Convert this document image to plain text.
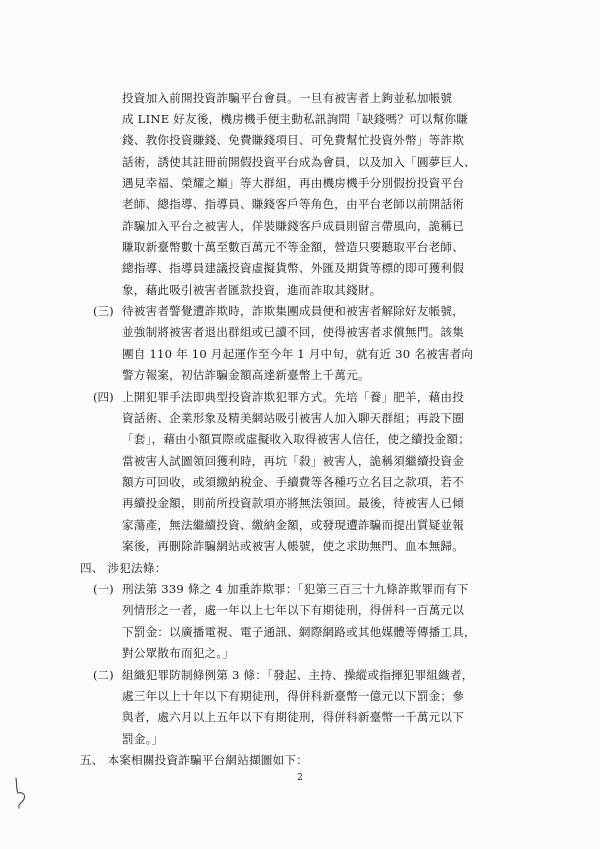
投資加入前開投資詐騙平台會員。一旦有被害者上鉤並私加帳號
成 LINE 好友後，機房機手便主動私訊詢問「缺錢嗎？可以幫你賺
錢、教你投資賺錢、免費賺錢項目、可免費幫忙投資外幣」等詐欺
話術，誘使其註冊前開假投資平台成為會員，以及加入「圓夢巨人、
遇見幸福、榮耀之巔」等大群組，再由機房機手分別假扮投資平台
老師、總指導、指導員、賺錢客戶等角色，由平台老師以前開話術
詐騙加入平台之被害人，佯裝賺錢客戶成員則留言帶風向，詭稱已
賺取新臺幣數十萬至數百萬元不等金額，營造只要聽取平台老師、
總指導、指導員建議投資虛擬貨幣、外匯及期貨等標的即可獲利假
象，藉此吸引被害者匯款投資，進而詐取其錢財。
(三) 待被害者警覺遭詐欺時，詐欺集團成員便和被害者解除好友帳號，
並強制將被害者退出群組或已讀不回，使得被害者求償無門。該集
團自 110 年 10 月起運作至今年 1 月中旬，就有近 30 名被害者向
警方報案，初估詐騙金額高達新臺幣上千萬元。
(四) 上開犯罪手法即典型投資詐欺犯罪方式。先培「養」肥羊，藉由投
資話術、企業形象及精美網站吸引被害人加入聊天群組；再設下圈
「套」，藉由小額買際或虛擬收入取得被害人信任，使之續投金額；
當被害人試圖領回獲利時，再坑「殺」被害人，詭稱須繼續投資金
額方可回收，或須繳納稅金、手續費等各種巧立名目之款項，若不
再續投金額，則前所投資款項亦將無法領回。最後，待被害人已傾
家蕩產，無法繼續投資、繳納金額，或發現遭詐騙而提出質疑並報
案後，再刪除詐騙網站或被害人帳號，使之求助無門、血本無歸。
四、 涉犯法條：
(一) 刑法第 339 條之 4 加重詐欺罪：「犯第三百三十九條詐欺罪而有下
列情形之一者，處一年以上七年以下有期徒刑，得併科一百萬元以
下罰金：以廣播電視、電子通訊、網際網路或其他媒體等傳播工具，
對公眾散布而犯之。」
(二) 組織犯罪防制條例第 3 條：「發起、主持、操縱或指揮犯罪組織者，
處三年以上十年以下有期徒刑，得併科新臺幣一億元以下罰金；參
與者，處六月以上五年以下有期徒刑，得併科新臺幣一千萬元以下
罰金。」
五、 本案相關投資詐騙平台網站擷圖如下：
2
